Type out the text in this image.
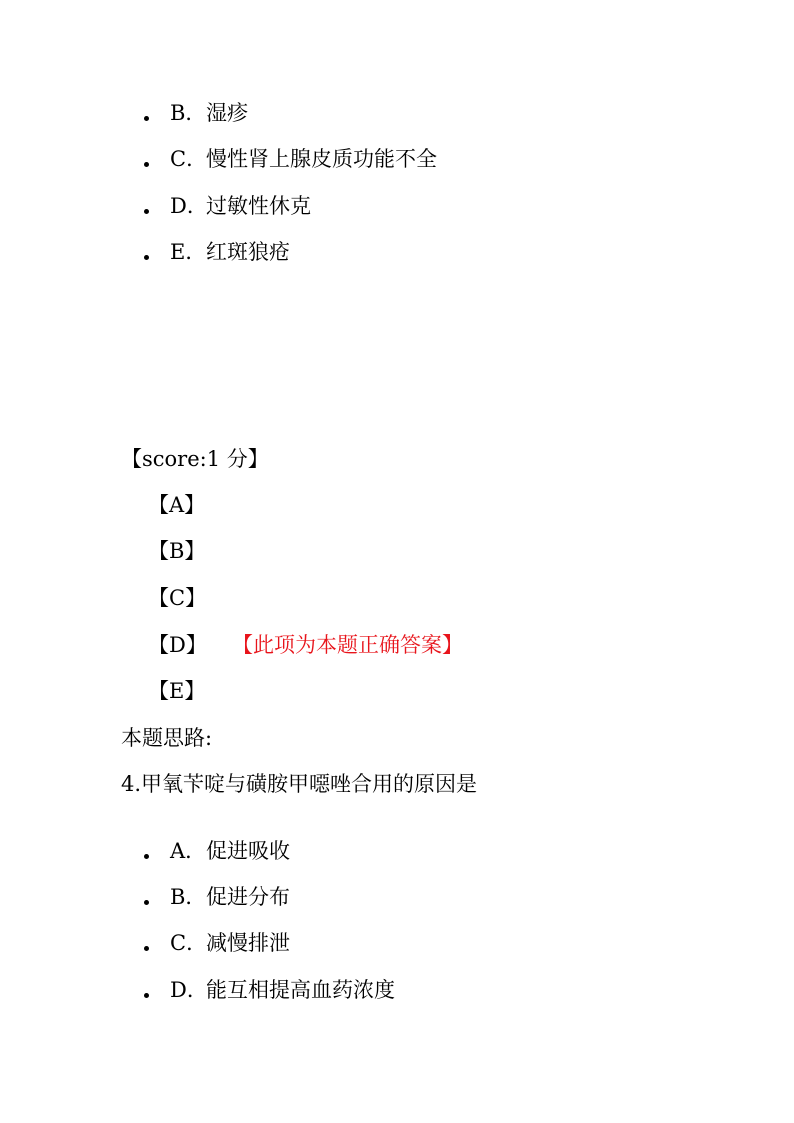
B．湿疹
C．慢性肾上腺皮质功能不全
D．过敏性休克
E．红斑狼疮
【score:1 分】
【A】
【B】
【C】
【D】 【此项为本题正确答案】
【E】
本题思路:
4.甲氧苄啶与磺胺甲噁唑合用的原因是
A．促进吸收
B．促进分布
C．减慢排泄
D．能互相提高血药浓度
